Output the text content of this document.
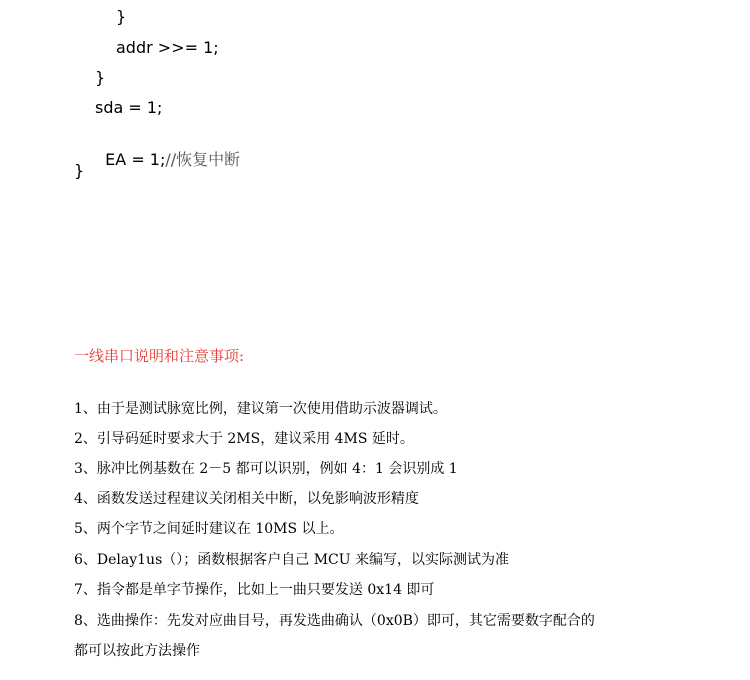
}
addr >>= 1;
}
sda = 1;

EA = 1;//恢复中断

}
一线串口说明和注意事项:
1、由于是测试脉宽比例，建议第一次使用借助示波器调试。
2、引导码延时要求大于 2MS，建议采用 4MS 延时。
3、脉冲比例基数在 2－5 都可以识别，例如 4：1 会识别成 1
4、函数发送过程建议关闭相关中断，以免影响波形精度
5、两个字节之间延时建议在 10MS 以上。
6、Delay1us（）；函数根据客户自己 MCU 来编写，以实际测试为准
7、指令都是单字节操作，比如上一曲只要发送 0x14 即可
8、选曲操作：先发对应曲目号，再发选曲确认（0x0B）即可，其它需要数字配合的
都可以按此方法操作
